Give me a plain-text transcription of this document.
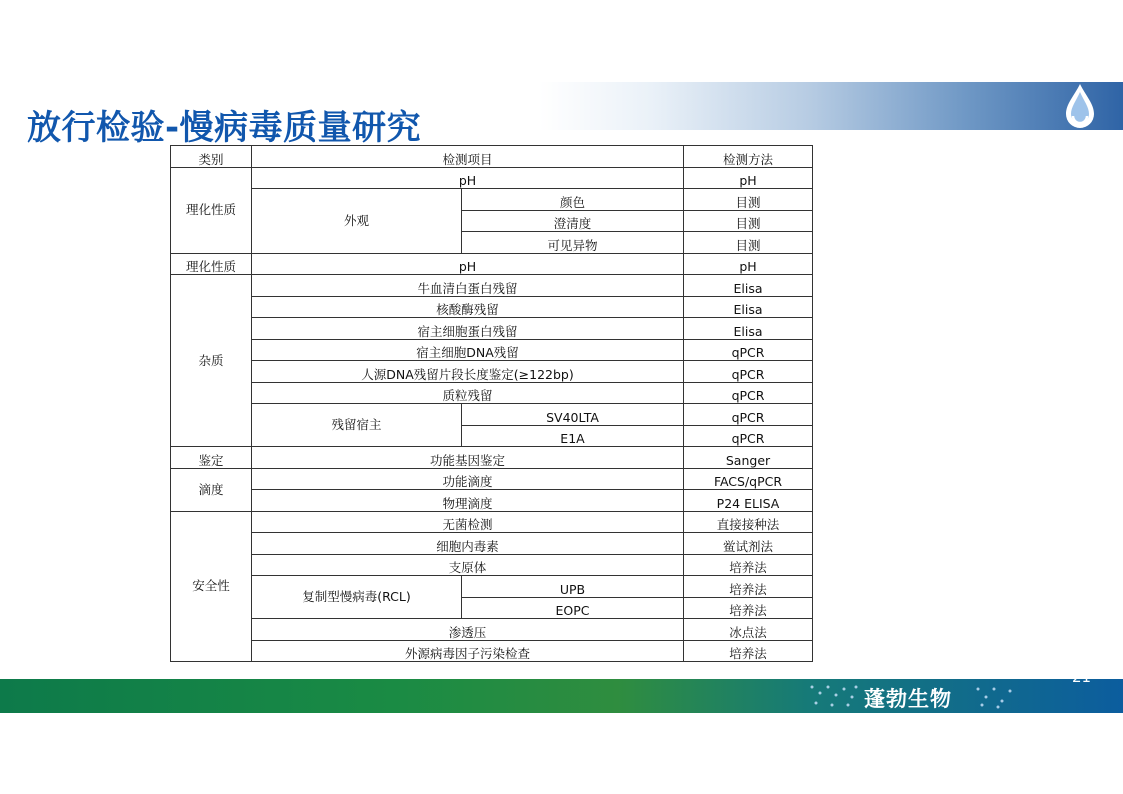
放行检验-慢病毒质量研究
类别	检测项目		检测方法
理化性质	pH		pH
	外观	颜色	目测
		澄清度	目测
		可见异物	目测
理化性质	pH		pH
杂质	牛血清白蛋白残留		Elisa
	核酸酶残留		Elisa
	宿主细胞蛋白残留		Elisa
	宿主细胞DNA残留		qPCR
	人源DNA残留片段长度鉴定(≥122bp)		qPCR
	质粒残留		qPCR
	残留宿主	SV40LTA	qPCR
		E1A	qPCR
鉴定	功能基因鉴定		Sanger
滴度	功能滴度		FACS/qPCR
	物理滴度		P24 ELISA
安全性	无菌检测		直接接种法
	细胞内毒素		鲎试剂法
	支原体		培养法
	复制型慢病毒(RCL)	UPB	培养法
		EOPC	培养法
	渗透压		冰点法
	外源病毒因子污染检查		培养法
蓬勃生物
21
